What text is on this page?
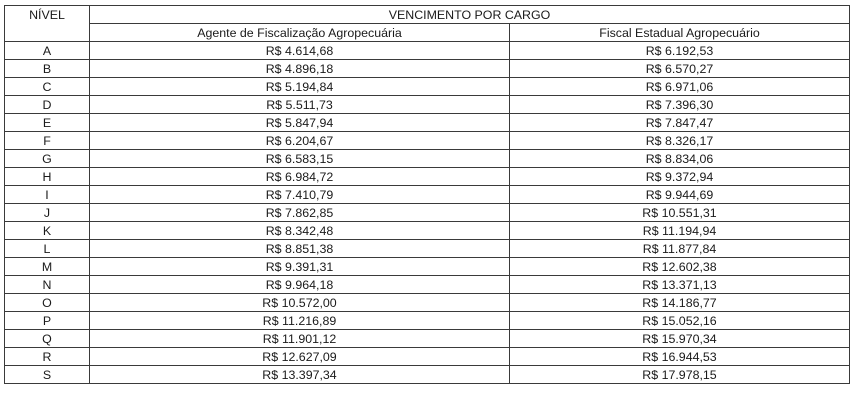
NÍVEL	VENCIMENTO POR CARGO	
	Agente de Fiscalização Agropecuária	Fiscal Estadual Agropecuário
A	R$ 4.614,68	R$ 6.192,53
B	R$ 4.896,18	R$ 6.570,27
C	R$ 5.194,84	R$ 6.971,06
D	R$ 5.511,73	R$ 7.396,30
E	R$ 5.847,94	R$ 7.847,47
F	R$ 6.204,67	R$ 8.326,17
G	R$ 6.583,15	R$ 8.834,06
H	R$ 6.984,72	R$ 9.372,94
I	R$ 7.410,79	R$ 9.944,69
J	R$ 7.862,85	R$ 10.551,31
K	R$ 8.342,48	R$ 11.194,94
L	R$ 8.851,38	R$ 11.877,84
M	R$ 9.391,31	R$ 12.602,38
N	R$ 9.964,18	R$ 13.371,13
O	R$ 10.572,00	R$ 14.186,77
P	R$ 11.216,89	R$ 15.052,16
Q	R$ 11.901,12	R$ 15.970,34
R	R$ 12.627,09	R$ 16.944,53
S	R$ 13.397,34	R$ 17.978,15
